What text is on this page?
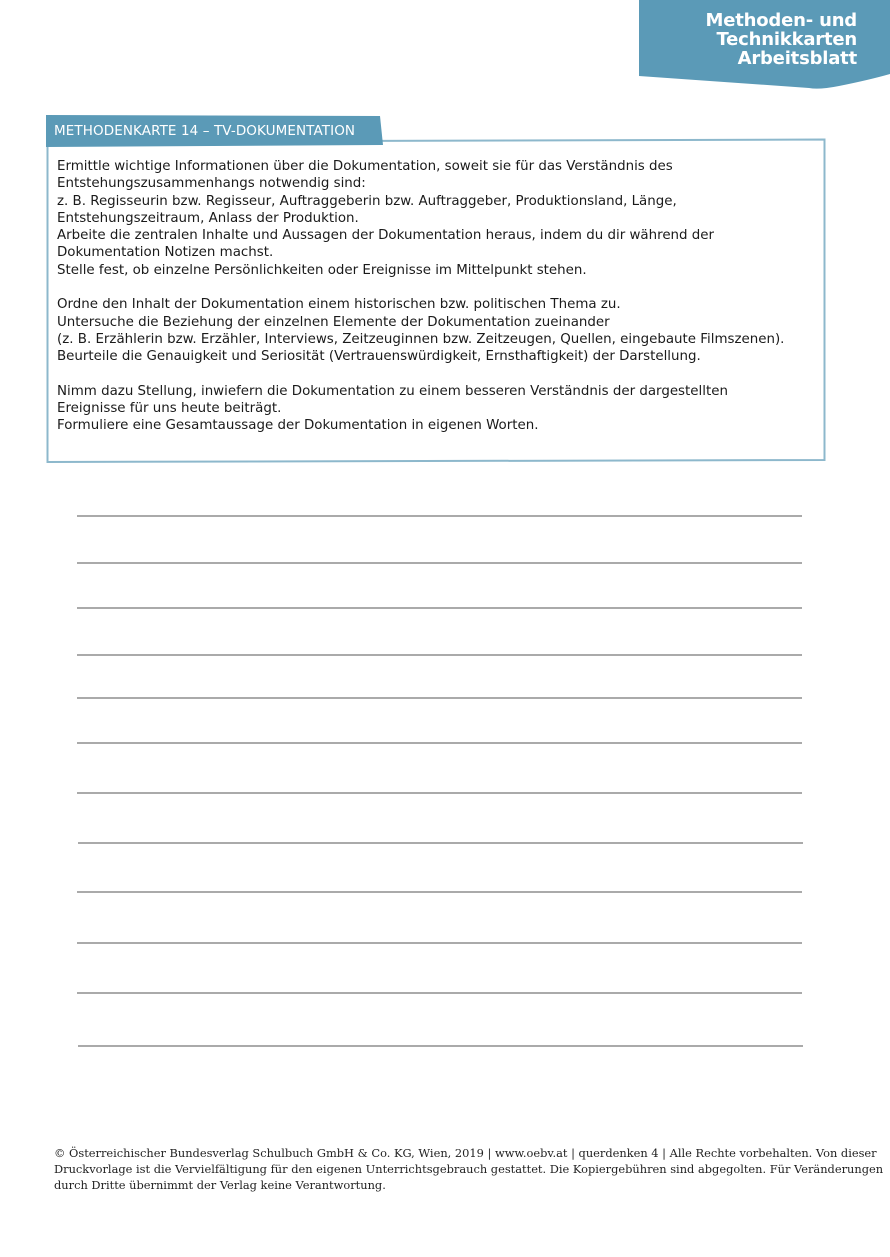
Methoden- und
Technikkarten
Arbeitsblatt
METHODENKARTE 14 – TV-DOKUMENTATION

Ermittle wichtige Informationen über die Dokumentation, soweit sie für das Verständnis des

Entstehungszusammenhangs notwendig sind:

z. B. Regisseurin bzw. Regisseur, Auftraggeberin bzw. Auftraggeber, Produktionsland, Länge,

Entstehungszeitraum, Anlass der Produktion.

Arbeite die zentralen Inhalte und Aussagen der Dokumentation heraus, indem du dir während der

Dokumentation Notizen machst.

Stelle fest, ob einzelne Persönlichkeiten oder Ereignisse im Mittelpunkt stehen.

Ordne den Inhalt der Dokumentation einem historischen bzw. politischen Thema zu.

Untersuche die Beziehung der einzelnen Elemente der Dokumentation zueinander

(z. B. Erzählerin bzw. Erzähler, Interviews, Zeitzeuginnen bzw. Zeitzeugen, Quellen, eingebaute Filmszenen).

Beurteile die Genauigkeit und Seriosität (Vertrauenswürdigkeit, Ernsthaftigkeit) der Darstellung.

Nimm dazu Stellung, inwiefern die Dokumentation zu einem besseren Verständnis der dargestellten

Ereignisse für uns heute beiträgt.

Formuliere eine Gesamtaussage der Dokumentation in eigenen Worten.

© Österreichischer Bundesverlag Schulbuch GmbH & Co. KG, Wien, 2019 | www.oebv.at | querdenken 4 | Alle Rechte vorbehalten. Von dieser

Druckvorlage ist die Vervielfältigung für den eigenen Unterrichtsgebrauch gestattet. Die Kopiergebühren sind abgegolten. Für Veränderungen

durch Dritte übernimmt der Verlag keine Verantwortung.
